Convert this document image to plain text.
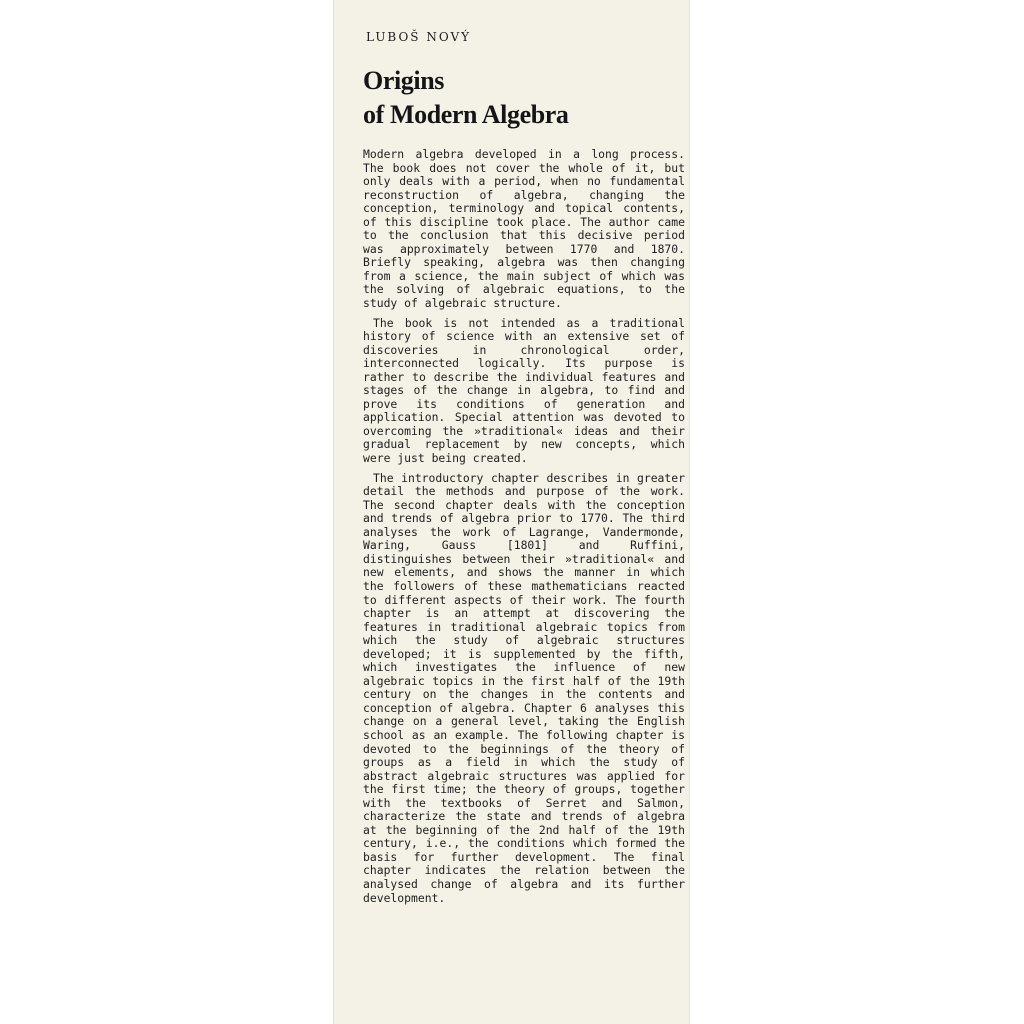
LUBOŠ NOVÝ
Origins
of Modern Algebra

Modern algebra developed in a long process. The book does not cover the whole of it, but only deals with a period, when no fundamental reconstruction of algebra, changing the conception, terminology and topical contents, of this discipline took place. The author came to the conclusion that this decisive period was approximately between 1770 and 1870. Briefly speaking, algebra was then changing from a science, the main subject of which was the solving of algebraic equations, to the study of algebraic structure.

The book is not intended as a traditional history of science with an extensive set of discoveries in chronological order, interconnected logically. Its purpose is rather to describe the individual features and stages of the change in algebra, to find and prove its conditions of generation and application. Special attention was devoted to overcoming the »traditional« ideas and their gradual replacement by new concepts, which were just being created.

The introductory chapter describes in greater detail the methods and purpose of the work. The second chapter deals with the conception and trends of algebra prior to 1770. The third analyses the work of Lagrange, Vandermonde, Waring, Gauss [1801] and Ruffini, distinguishes between their »traditional« and new elements, and shows the manner in which the followers of these mathematicians reacted to different aspects of their work. The fourth chapter is an attempt at discovering the features in traditional algebraic topics from which the study of algebraic structures developed; it is supplemented by the fifth, which investigates the influence of new algebraic topics in the first half of the 19th century on the changes in the contents and conception of algebra. Chapter 6 analyses this change on a general level, taking the English school as an example. The following chapter is devoted to the beginnings of the theory of groups as a field in which the study of abstract algebraic structures was applied for the first time; the theory of groups, together with the textbooks of Serret and Salmon, characterize the state and trends of algebra at the beginning of the 2nd half of the 19th century, i.e., the conditions which formed the basis for further development. The final chapter indicates the relation between the analysed change of algebra and its further development.
